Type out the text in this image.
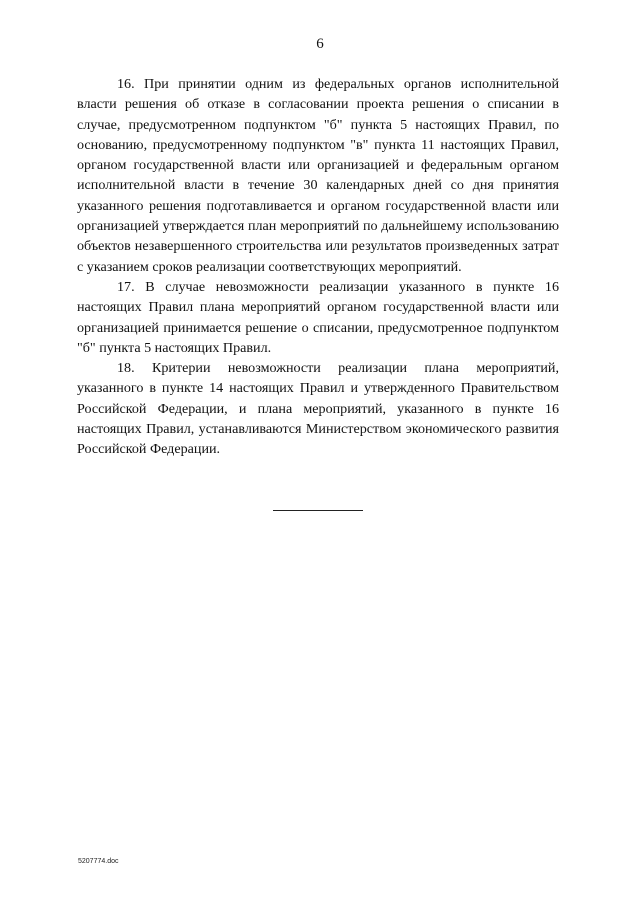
6

16. При принятии одним из федеральных органов исполнительной власти решения об отказе в согласовании проекта решения о списании в случае, предусмотренном подпунктом "б" пункта 5 настоящих Правил, по основанию, предусмотренному подпунктом "в" пункта 11 настоящих Правил, органом государственной власти или организацией и федеральным органом исполнительной власти в течение 30 календарных дней со дня принятия указанного решения подготавливается и органом государственной власти или организацией утверждается план мероприятий по дальнейшему использованию объектов незавершенного строительства или результатов произведенных затрат с указанием сроков реализации соответствующих мероприятий.

17. В случае невозможности реализации указанного в пункте 16 настоящих Правил плана мероприятий органом государственной власти или организацией принимается решение о списании, предусмотренное подпунктом "б" пункта 5 настоящих Правил.

18. Критерии невозможности реализации плана мероприятий, указанного в пункте 14 настоящих Правил и утвержденного Правительством Российской Федерации, и плана мероприятий, указанного в пункте 16 настоящих Правил, устанавливаются Министерством экономического развития Российской Федерации.

5207774.doc
